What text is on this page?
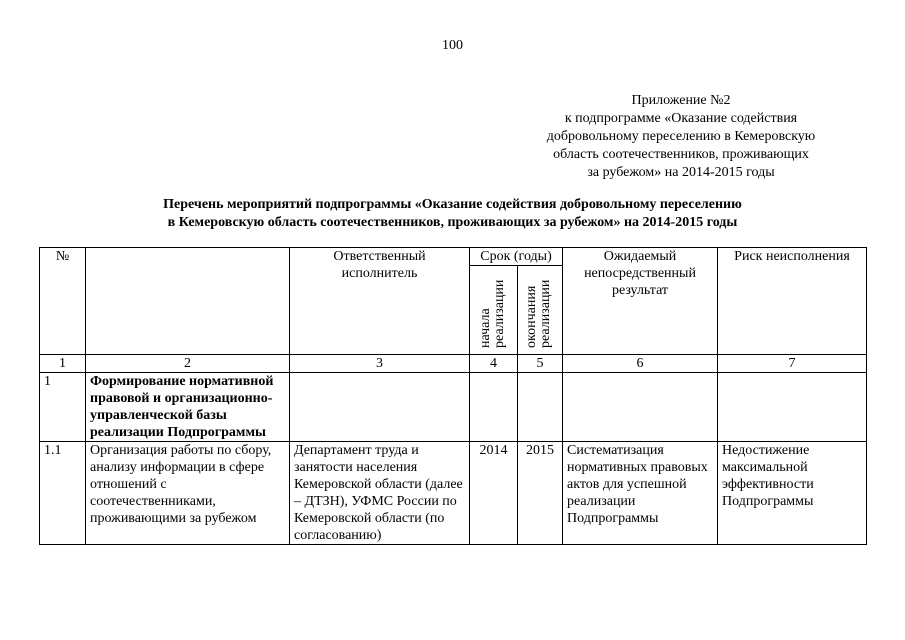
100
Приложение №2
к подпрограмме «Оказание содействия
добровольному переселению в Кемеровскую
область соотечественников, проживающих
за рубежом» на 2014-2015 годы
Перечень мероприятий подпрограммы «Оказание содействия добровольному переселению
в Кемеровскую область соотечественников, проживающих за рубежом» на 2014-2015 годы
№		Ответственный исполнитель	Срок (годы)		Ожидаемый непосредственный результат	Риск неисполнения

			начала реализации	окончания реализации		

1	2	3	4	5	6	7
1	Формирование нормативной правовой и организационно-управленческой базы реализации Подпрограммы					
1.1	Организация работы по сбору, анализу информации в сфере отношений с соотечественниками, проживающими за рубежом	Департамент труда и занятости населения Кемеровской области (далее – ДТЗН), УФМС России по Кемеровской области (по согласованию)	2014	2015	Систематизация нормативных правовых актов для успешной реализации Подпрограммы	Недостижение максимальной эффективности Подпрограммы
